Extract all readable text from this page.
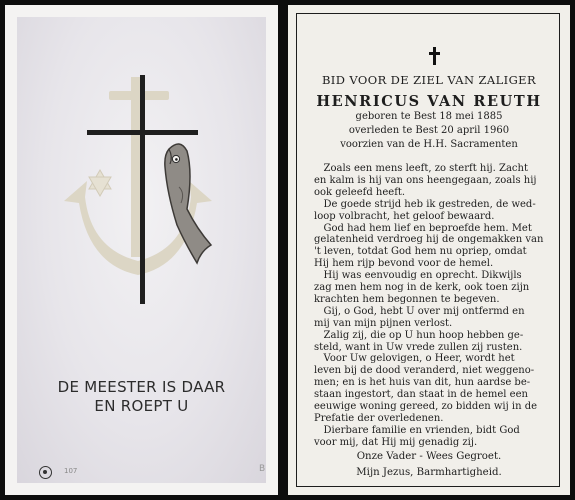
DE MEESTER IS DAAR
EN ROEPT U
107	B
BID VOOR DE ZIEL VAN ZALIGER
HENRICUS VAN REUTH
geboren te Best 18 mei 1885
overleden te Best 20 april 1960
voorzien van de H.H. Sacramenten
Zoals een mens leeft, zo sterft hij. Zacht
en kalm is hij van ons heengegaan, zoals hij
ook geleefd heeft.
De goede strijd heb ik gestreden, de wed-
loop volbracht, het geloof bewaard.
God had hem lief en beproefde hem. Met
gelatenheid verdroeg hij de ongemakken van
't leven, totdat God hem nu opriep, omdat
Hij hem rijp bevond voor de hemel.
Hij was eenvoudig en oprecht. Dikwijls
zag men hem nog in de kerk, ook toen zijn
krachten hem begonnen te begeven.
Gij, o God, hebt U over mij ontfermd en
mij van mijn pijnen verlost.
Zalig zij, die op U hun hoop hebben ge-
steld, want in Uw vrede zullen zij rusten.
Voor Uw gelovigen, o Heer, wordt het
leven bij de dood veranderd, niet weggeno-
men; en is het huis van dit, hun aardse be-
staan ingestort, dan staat in de hemel een
eeuwige woning gereed, zo bidden wij in de
Prefatie der overledenen.
Dierbare familie en vrienden, bidt God
voor mij, dat Hij mij genadig zij.
Onze Vader - Wees Gegroet.
Mijn Jezus, Barmhartigheid.
